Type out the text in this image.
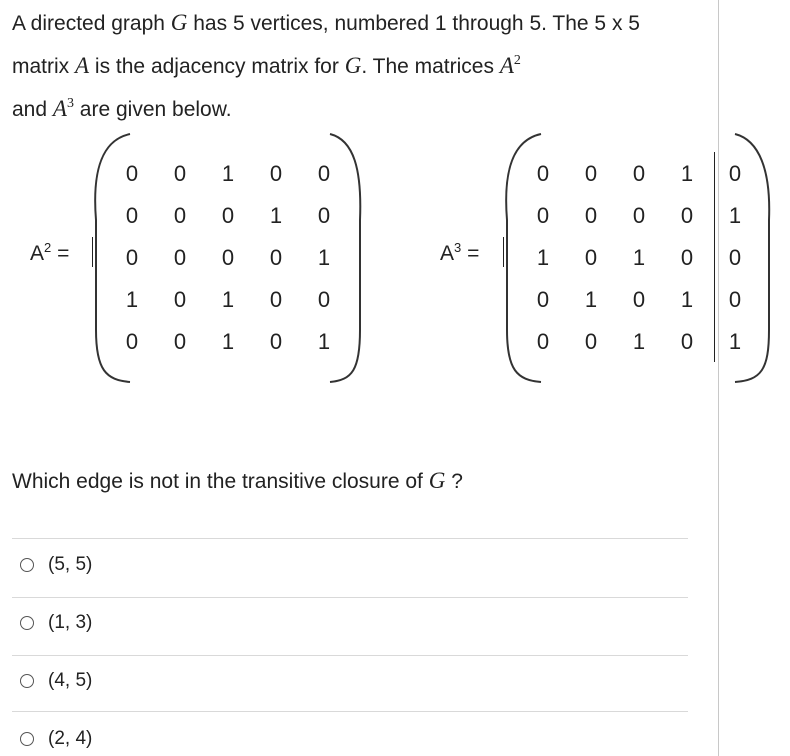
A directed graph G has 5 vertices, numbered 1 through 5. The 5 x 5 matrix A is the adjacency matrix for G. The matrices $A^2$
and $A^3$ are given below.
$A^2$ =
0	0	1	0	0
0	0	0	1	0
0	0	0	0	1
1	0	1	0	0
0	0	1	0	1
$A^3$ =
0	0	0	1	0
0	0	0	0	1
1	0	1	0	0
0	1	0	1	0
0	0	1	0	1
Which edge is not in the transitive closure of G ?
(5, 5)
(1, 3)
(4, 5)
(2, 4)
